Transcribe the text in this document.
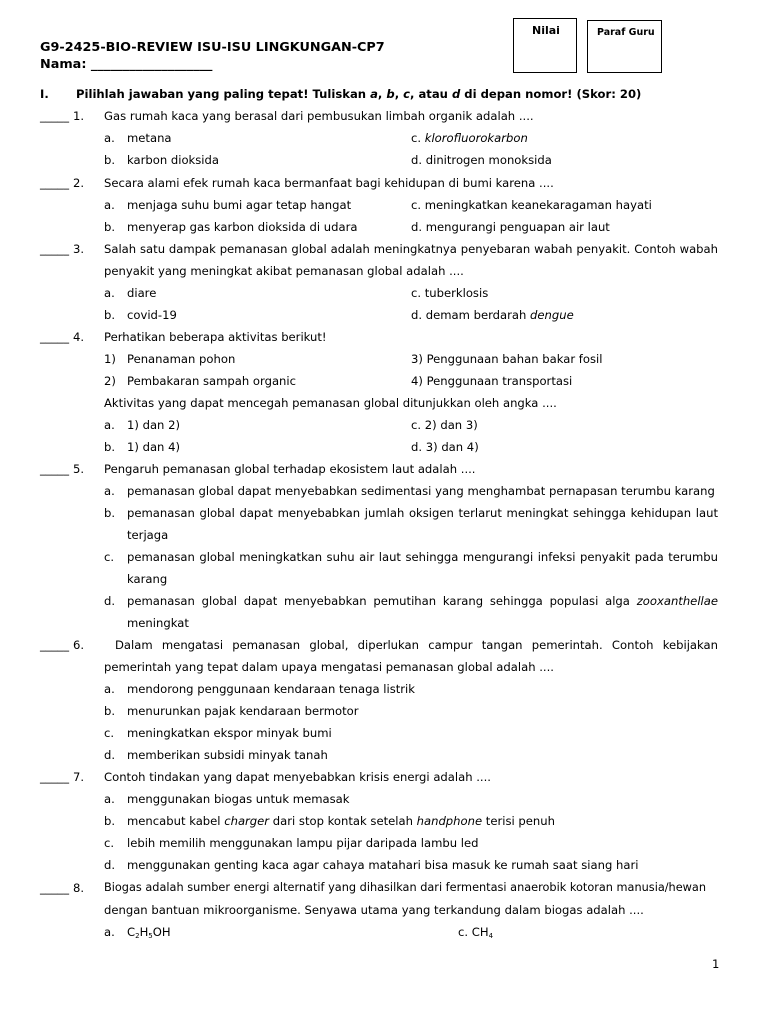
G9-2425-BIO-REVIEW ISU-ISU LINGKUNGAN-CP7
Nama: ___________________
Nilai	Paraf Guru
I. Pilihlah jawaban yang paling tepat! Tuliskan a, b, c, atau d di depan nomor! (Skor: 20)
_____ 1. Gas rumah kaca yang berasal dari pembusukan limbah organik adalah ....
a. metana	c. klorofluorokarbon
b. karbon dioksida	d. dinitrogen monoksida
_____ 2. Secara alami efek rumah kaca bermanfaat bagi kehidupan di bumi karena ....
a. menjaga suhu bumi agar tetap hangat	c. meningkatkan keanekaragaman hayati
b. menyerap gas karbon dioksida di udara	d. mengurangi penguapan air laut
_____ 3. Salah satu dampak pemanasan global adalah meningkatnya penyebaran wabah penyakit. Contoh wabah
penyakit yang meningkat akibat pemanasan global adalah ....
a. diare	c. tuberklosis
b. covid-19	d. demam berdarah dengue
_____ 4. Perhatikan beberapa aktivitas berikut!
1) Penanaman pohon	3) Penggunaan bahan bakar fosil
2) Pembakaran sampah organic	4) Penggunaan transportasi
Aktivitas yang dapat mencegah pemanasan global ditunjukkan oleh angka ....
a. 1) dan 2)	c. 2) dan 3)
b. 1) dan 4)	d. 3) dan 4)
_____ 5. Pengaruh pemanasan global terhadap ekosistem laut adalah ....
a. pemanasan global dapat menyebabkan sedimentasi yang menghambat pernapasan terumbu karang
b. pemanasan global dapat menyebabkan jumlah oksigen terlarut meningkat sehingga kehidupan laut
terjaga
c. pemanasan global meningkatkan suhu air laut sehingga mengurangi infeksi penyakit pada terumbu
karang
d. pemanasan global dapat menyebabkan pemutihan karang sehingga populasi alga zooxanthellae
meningkat
_____ 6.	Dalam mengatasi pemanasan global, diperlukan campur tangan pemerintah. Contoh kebijakan
pemerintah yang tepat dalam upaya mengatasi pemanasan global adalah ....
a. mendorong penggunaan kendaraan tenaga listrik
b. menurunkan pajak kendaraan bermotor
c. meningkatkan ekspor minyak bumi
d. memberikan subsidi minyak tanah
_____ 7. Contoh tindakan yang dapat menyebabkan krisis energi adalah ....
a. menggunakan biogas untuk memasak
b. mencabut kabel charger dari stop kontak setelah handphone terisi penuh
c. lebih memilih menggunakan lampu pijar daripada lambu led
d. menggunakan genting kaca agar cahaya matahari bisa masuk ke rumah saat siang hari
_____ 8. Biogas adalah sumber energi alternatif yang dihasilkan dari fermentasi anaerobik kotoran manusia/hewan
dengan bantuan mikroorganisme. Senyawa utama yang terkandung dalam biogas adalah ....
a. $C_2H_5OH$	c. $CH_4$
1
